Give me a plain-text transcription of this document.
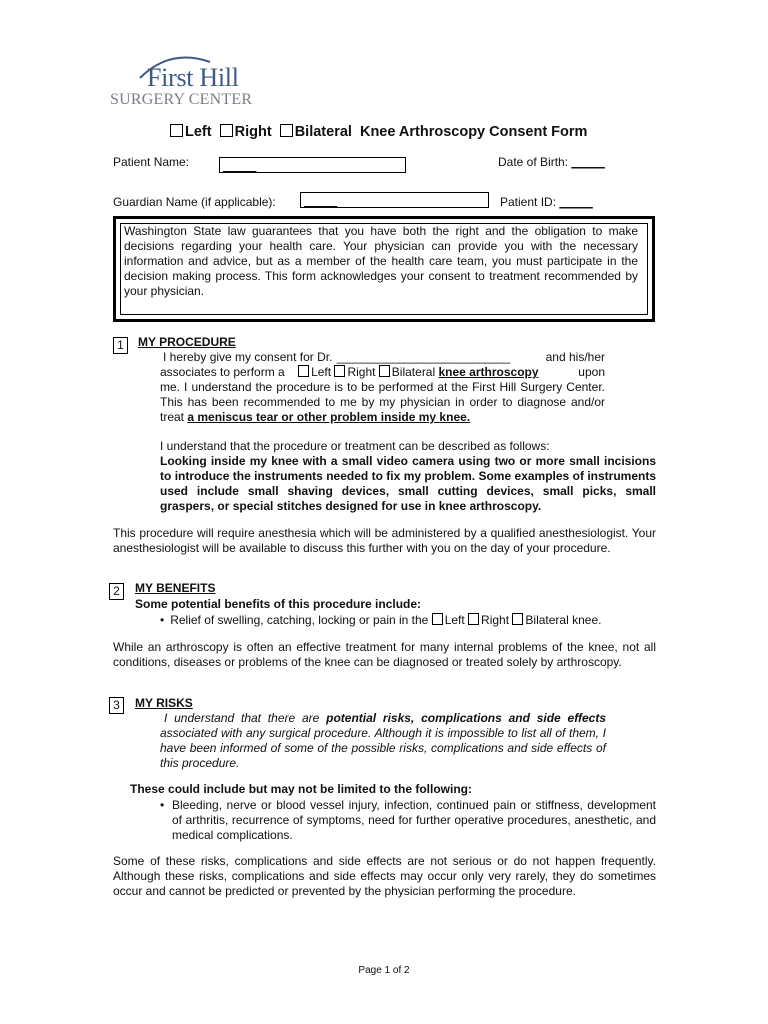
First Hill
SURGERY CENTER
Left Right Bilateral Knee Arthroscopy Consent Form
Patient Name:	_____	Date of Birth: _____
Guardian Name (if applicable):	_____	Patient ID: _____
Washington State law guarantees that you have both the right and the obligation to make decisions regarding your health care. Your physician can provide you with the necessary information and advice, but as a member of the health care team, you must participate in the decision making process. This form acknowledges your consent to treatment recommended by your physician.
1	MY PROCEDURE
I hereby give my consent for Dr. ____________________________	and his/her
associates to perform a Left Right Bilateral knee arthroscopy	upon
me. I understand the procedure is to be performed at the First Hill Surgery Center. This has been recommended to me by my physician in order to diagnose and/or treat a meniscus tear or other problem inside my knee.
I understand that the procedure or treatment can be described as follows:
Looking inside my knee with a small video camera using two or more small incisions to introduce the instruments needed to fix my problem. Some examples of instruments used include small shaving devices, small cutting devices, small picks, small graspers, or special stitches designed for use in knee arthroscopy.
This procedure will require anesthesia which will be administered by a qualified anesthesiologist. Your anesthesiologist will be available to discuss this further with you on the day of your procedure.
2	MY BENEFITS
Some potential benefits of this procedure include:
• Relief of swelling, catching, locking or pain in the Left Right Bilateral knee.
While an arthroscopy is often an effective treatment for many internal problems of the knee, not all conditions, diseases or problems of the knee can be diagnosed or treated solely by arthroscopy.
3	MY RISKS
I understand that there are potential risks, complications and side effects associated with any surgical procedure. Although it is impossible to list all of them, I have been informed of some of the possible risks, complications and side effects of this procedure.
These could include but may not be limited to the following:
• Bleeding, nerve or blood vessel injury, infection, continued pain or stiffness, development of arthritis, recurrence of symptoms, need for further operative procedures, anesthetic, and medical complications.
Some of these risks, complications and side effects are not serious or do not happen frequently. Although these risks, complications and side effects may occur only very rarely, they do sometimes occur and cannot be predicted or prevented by the physician performing the procedure.
Page 1 of 2
